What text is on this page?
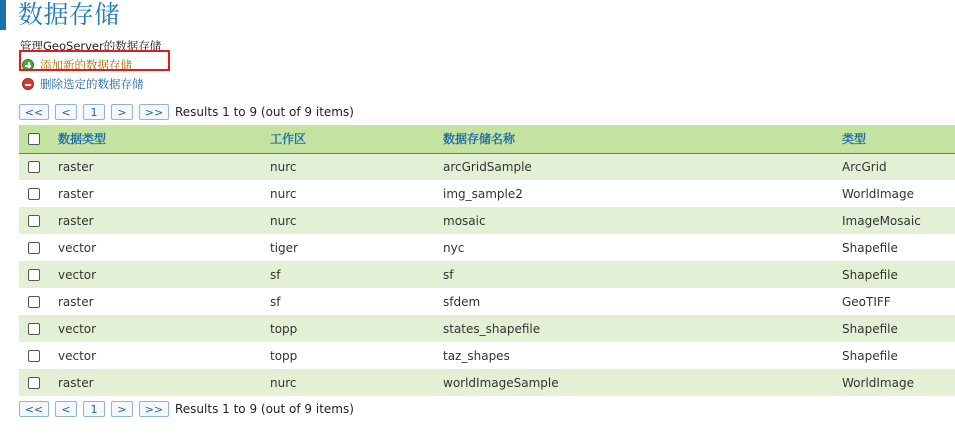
数据存储
管理GeoServer的数据存储
添加新的数据存储
删除选定的数据存储
<<	<	1	>	>> Results 1 to 9 (out of 9 items)
	数据类型	工作区	数据存储名称	类型
	raster	nurc	arcGridSample	ArcGrid
	raster	nurc	img_sample2	WorldImage
	raster	nurc	mosaic	ImageMosaic
	vector	tiger	nyc	Shapefile
	vector	sf	sf	Shapefile
	raster	sf	sfdem	GeoTIFF
	vector	topp	states_shapefile	Shapefile
	vector	topp	taz_shapes	Shapefile
	raster	nurc	worldImageSample	WorldImage
<<	<	1	>	>> Results 1 to 9 (out of 9 items)
